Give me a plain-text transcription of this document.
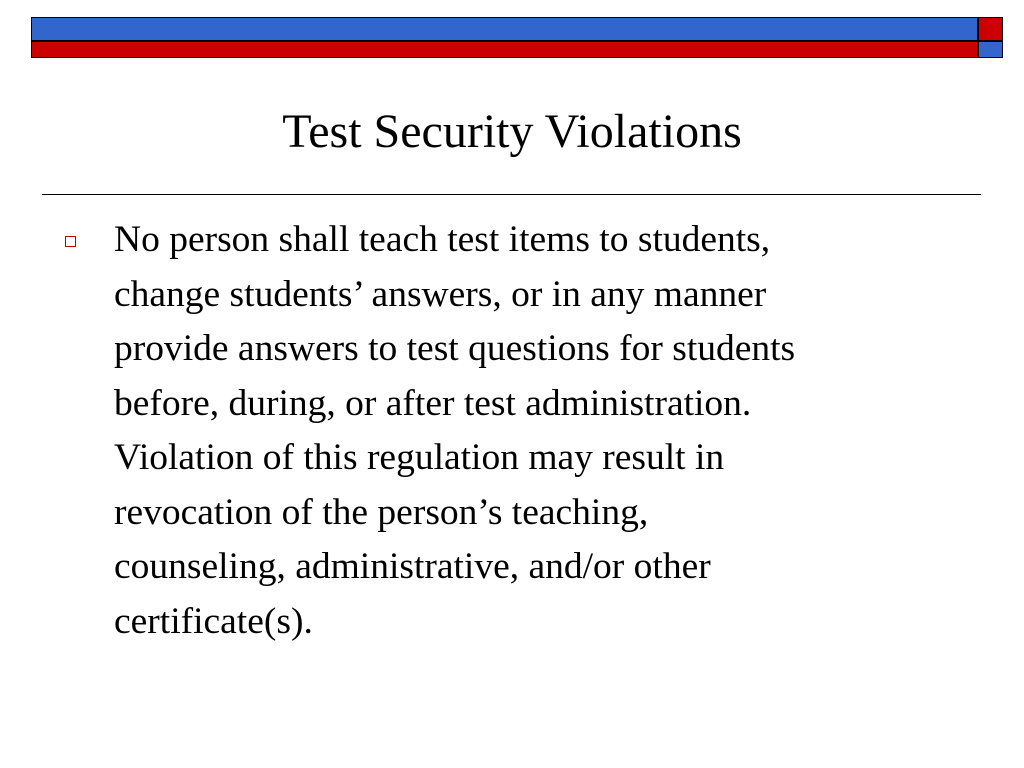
Test Security Violations

No person shall teach test items to students,
change students’ answers, or in any manner
provide answers to test questions for students
before, during, or after test administration.
Violation of this regulation may result in
revocation of the person’s teaching,
counseling, administrative, and/or other
certificate(s).
